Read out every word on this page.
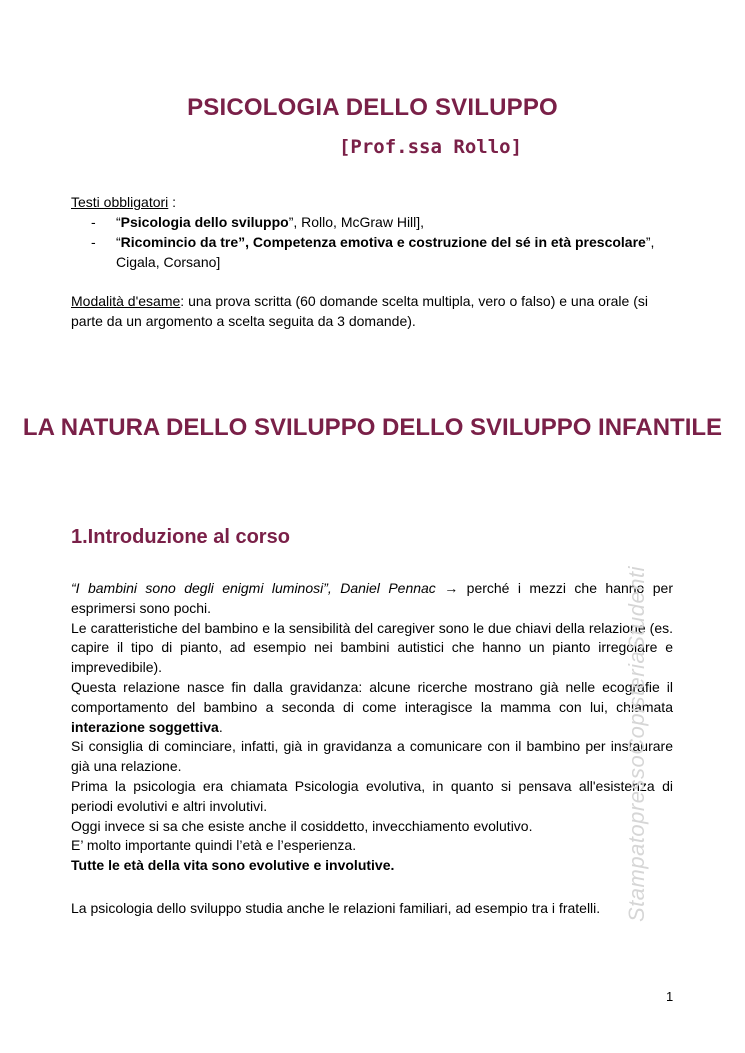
PSICOLOGIA DELLO SVILUPPO
[Prof.ssa Rollo]
Testi obbligatori :
- “Psicologia dello sviluppo”, Rollo, McGraw Hill],
- “Ricomincio da tre”, Competenza emotiva e costruzione del sé in età prescolare”, Cigala, Corsano]
Modalità d'esame: una prova scritta (60 domande scelta multipla, vero o falso) e una orale (si parte da un argomento a scelta seguita da 3 domande).
LA NATURA DELLO SVILUPPO DELLO SVILUPPO INFANTILE
1.Introduzione al corso

“I bambini sono degli enigmi luminosi”, Daniel Pennac → perché i mezzi che hanno per esprimersi sono pochi.

Le caratteristiche del bambino e la sensibilità del caregiver sono le due chiavi della relazione (es. capire il tipo di pianto, ad esempio nei bambini autistici che hanno un pianto irregolare e imprevedibile).

Questa relazione nasce fin dalla gravidanza: alcune ricerche mostrano già nelle ecografie il comportamento del bambino a seconda di come interagisce la mamma con lui, chiamata interazione soggettiva.

Si consiglia di cominciare, infatti, già in gravidanza a comunicare con il bambino per instaurare già una relazione.

Prima la psicologia era chiamata Psicologia evolutiva, in quanto si pensava all'esistenza di periodi evolutivi e altri involutivi.

Oggi invece si sa che esiste anche il cosiddetto, invecchiamento evolutivo.

E’ molto importante quindi l’età e l’esperienza.

Tutte le età della vita sono evolutive e involutive.

La psicologia dello sviluppo studia anche le relazioni familiari, ad esempio tra i fratelli. StampatopressoCopisteriaStudenti
1
